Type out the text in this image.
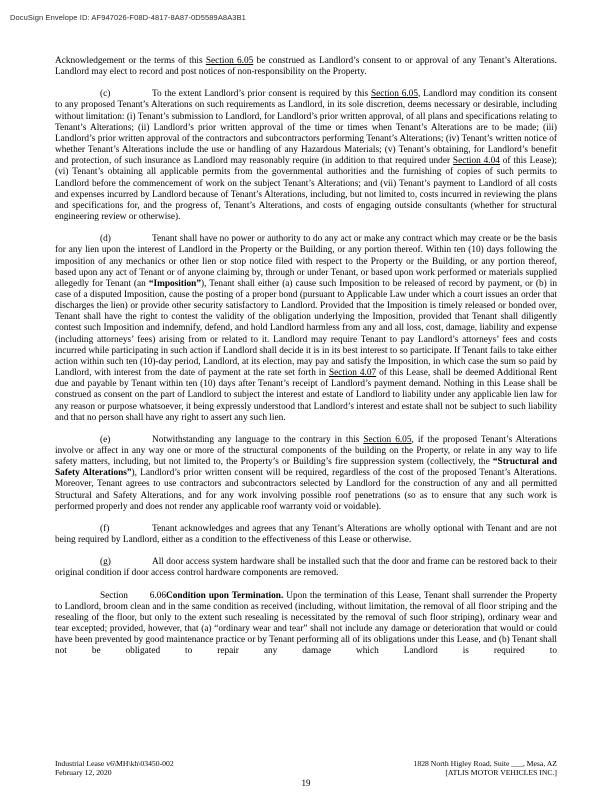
DocuSign Envelope ID: AF947026-F08D-4817-8A87-0D5589A8A3B1
Acknowledgement or the terms of this Section 6.05 be construed as Landlord’s consent to or approval of any Tenant’s Alterations. Landlord may elect to record and post notices of non-responsibility on the Property.
(c)	To the extent Landlord’s prior consent is required by this Section 6.05, Landlord may condition its consent to any proposed Tenant’s Alterations on such requirements as Landlord, in its sole discretion, deems necessary or desirable, including without limitation: (i) Tenant’s submission to Landlord, for Landlord’s prior written approval, of all plans and specifications relating to Tenant’s Alterations; (ii) Landlord’s prior written approval of the time or times when Tenant’s Alterations are to be made; (iii) Landlord’s prior written approval of the contractors and subcontractors performing Tenant’s Alterations; (iv) Tenant’s written notice of whether Tenant’s Alterations include the use or handling of any Hazardous Materials; (v) Tenant’s obtaining, for Landlord’s benefit and protection, of such insurance as Landlord may reasonably require (in addition to that required under Section 4.04 of this Lease); (vi) Tenant’s obtaining all applicable permits from the governmental authorities and the furnishing of copies of such permits to Landlord before the commencement of work on the subject Tenant’s Alterations; and (vii) Tenant’s payment to Landlord of all costs and expenses incurred by Landlord because of Tenant’s Alterations, including, but not limited to, costs incurred in reviewing the plans and specifications for, and the progress of, Tenant’s Alterations, and costs of engaging outside consultants (whether for structural engineering review or otherwise).
(d)	Tenant shall have no power or authority to do any act or make any contract which may create or be the basis for any lien upon the interest of Landlord in the Property or the Building, or any portion thereof. Within ten (10) days following the imposition of any mechanics or other lien or stop notice filed with respect to the Property or the Building, or any portion thereof, based upon any act of Tenant or of anyone claiming by, through or under Tenant, or based upon work performed or materials supplied allegedly for Tenant (an “Imposition”), Tenant shall either (a) cause such Imposition to be released of record by payment, or (b) in case of a disputed Imposition, cause the posting of a proper bond (pursuant to Applicable Law under which a court issues an order that discharges the lien) or provide other security satisfactory to Landlord. Provided that the Imposition is timely released or bonded over, Tenant shall have the right to contest the validity of the obligation underlying the Imposition, provided that Tenant shall diligently contest such Imposition and indemnify, defend, and hold Landlord harmless from any and all loss, cost, damage, liability and expense (including attorneys’ fees) arising from or related to it. Landlord may require Tenant to pay Landlord’s attorneys’ fees and costs incurred while participating in such action if Landlord shall decide it is in its best interest to so participate. If Tenant fails to take either action within such ten (10)-day period, Landlord, at its election, may pay and satisfy the Imposition, in which case the sum so paid by Landlord, with interest from the date of payment at the rate set forth in Section 4.07 of this Lease, shall be deemed Additional Rent due and payable by Tenant within ten (10) days after Tenant’s receipt of Landlord’s payment demand. Nothing in this Lease shall be construed as consent on the part of Landlord to subject the interest and estate of Landlord to liability under any applicable lien law for any reason or purpose whatsoever, it being expressly understood that Landlord’s interest and estate shall not be subject to such liability and that no person shall have any right to assert any such lien.
(e)	Notwithstanding any language to the contrary in this Section 6.05, if the proposed Tenant’s Alterations involve or affect in any way one or more of the structural components of the building on the Property, or relate in any way to life safety matters, including, but not limited to, the Property’s or Building’s fire suppression system (collectively, the “Structural and Safety Alterations”), Landlord’s prior written consent will be required, regardless of the cost of the proposed Tenant’s Alterations. Moreover, Tenant agrees to use contractors and subcontractors selected by Landlord for the construction of any and all permitted Structural and Safety Alterations, and for any work involving possible roof penetrations (so as to ensure that any such work is performed properly and does not render any applicable roof warranty void or voidable).
(f)	Tenant acknowledges and agrees that any Tenant’s Alterations are wholly optional with Tenant and are not being required by Landlord, either as a condition to the effectiveness of this Lease or otherwise.
(g)	All door access system hardware shall be installed such that the door and frame can be restored back to their original condition if door access control hardware components are removed.
Section 6.06Condition upon Termination. Upon the termination of this Lease, Tenant shall surrender the Property to Landlord, broom clean and in the same condition as received (including, without limitation, the removal of all floor striping and the resealing of the floor, but only to the extent such resealing is necessitated by the removal of such floor striping), ordinary wear and tear excepted; provided, however, that (a) “ordinary wear and tear” shall not include any damage or deterioration that would or could have been prevented by good maintenance practice or by Tenant performing all of its obligations under this Lease, and (b) Tenant shall not be obligated to repair any damage which Landlord is required to
Industrial Lease v6\MH\kh\03450-002
February 12, 2020
1828 North Higley Road, Suite ___, Mesa, AZ
[ATLIS MOTOR VEHICLES INC.]
19
